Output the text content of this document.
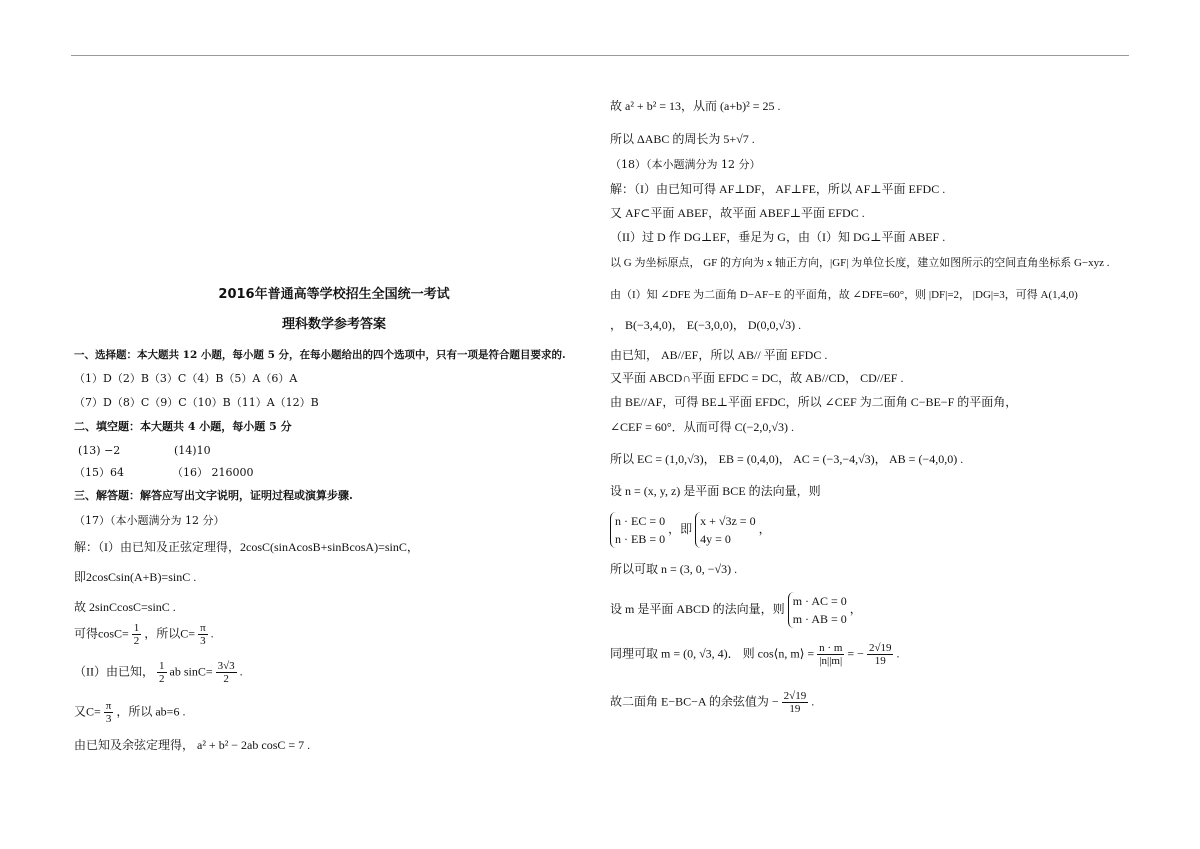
2016年普通高等学校招生全国统一考试
理科数学参考答案
一、选择题：本大题共 12 小题，每小题 5 分，在每小题给出的四个选项中，只有一项是符合题目要求的.
（1）D（2）B（3）C（4）B（5）A（6）A
（7）D（8）C（9）C（10）B（11）A（12）B
二、填空题：本大题共 4 小题，每小题 5 分
(13) −2	(14)10
（15）64	（16） 216000
三、解答题：解答应写出文字说明，证明过程或演算步骤.
（17）（本小题满分为 12 分）
解：（I）由已知及正弦定理得，2cosC(sinAcosB+sinBcosA)=sinC，
即2cosCsin(A+B)=sinC .
故 2sinCcosC=sinC .
可得$\cos C= \frac{1}{2}$ ，所以$C= \frac{\pi}{3}$ .
（II）由已知， $\frac{1}{2}$ ab $\sin C= \frac{3√3}{2}$ .
又$C= \frac{\pi}{3}$ ，所以 ab=6 .
由已知及余弦定理得， a² + b² − 2ab cosC = 7 .
故 a² + b² = 13，从而 (a+b)² = 25 .
所以 ΔABC 的周长为 5+√7 .
（18）（本小题满分为 12 分）
解：（I）由已知可得 AF⊥DF， AF⊥FE，所以 AF⊥平面 EFDC .
又 AF⊂平面 ABEF，故平面 ABEF⊥平面 EFDC .
（II）过 D 作 DG⊥EF，垂足为 G，由（I）知 DG⊥平面 ABEF .
以 G 为坐标原点， GF 的方向为 x 轴正方向，|GF| 为单位长度，建立如图所示的空间直角坐标系 G−xyz .
由（I）知 ∠DFE 为二面角 D−AF−E 的平面角，故 ∠DFE=60°，则 |DF|=2， |DG|=3，可得 A(1,4,0)
， B(−3,4,0)， E(−3,0,0)， D(0,0,√3) .
由已知， AB//EF，所以 AB// 平面 EFDC .
又平面 ABCD∩平面 EFDC = DC，故 AB//CD， CD//EF .
由 BE//AF，可得 BE⊥平面 EFDC，所以 ∠CEF 为二面角 C−BE−F 的平面角，
∠CEF = 60°．从而可得 C(−2,0,√3) .
所以 EC = (1,0,√3)， EB = (0,4,0)， AC = (−3,−4,√3)， AB = (−4,0,0) .
设 n = (x, y, z) 是平面 BCE 的法向量，则
n · EC = 0
n · EB = 0
，即
x + √3z = 0
4y = 0
，
所以可取 n = (3, 0, −√3) .
设 m 是平面 ABCD 的法向量，则
m · AC = 0
m · AB = 0
，
同理可取 m = (0, √3, 4)． 则 cos⟨n, m⟩ = $\frac{n \cdot m}{|n||m|}$ = − $\frac{2√19}{19}$ .
故二面角 E−BC−A 的余弦值为 − $\frac{2√19}{19}$ .
